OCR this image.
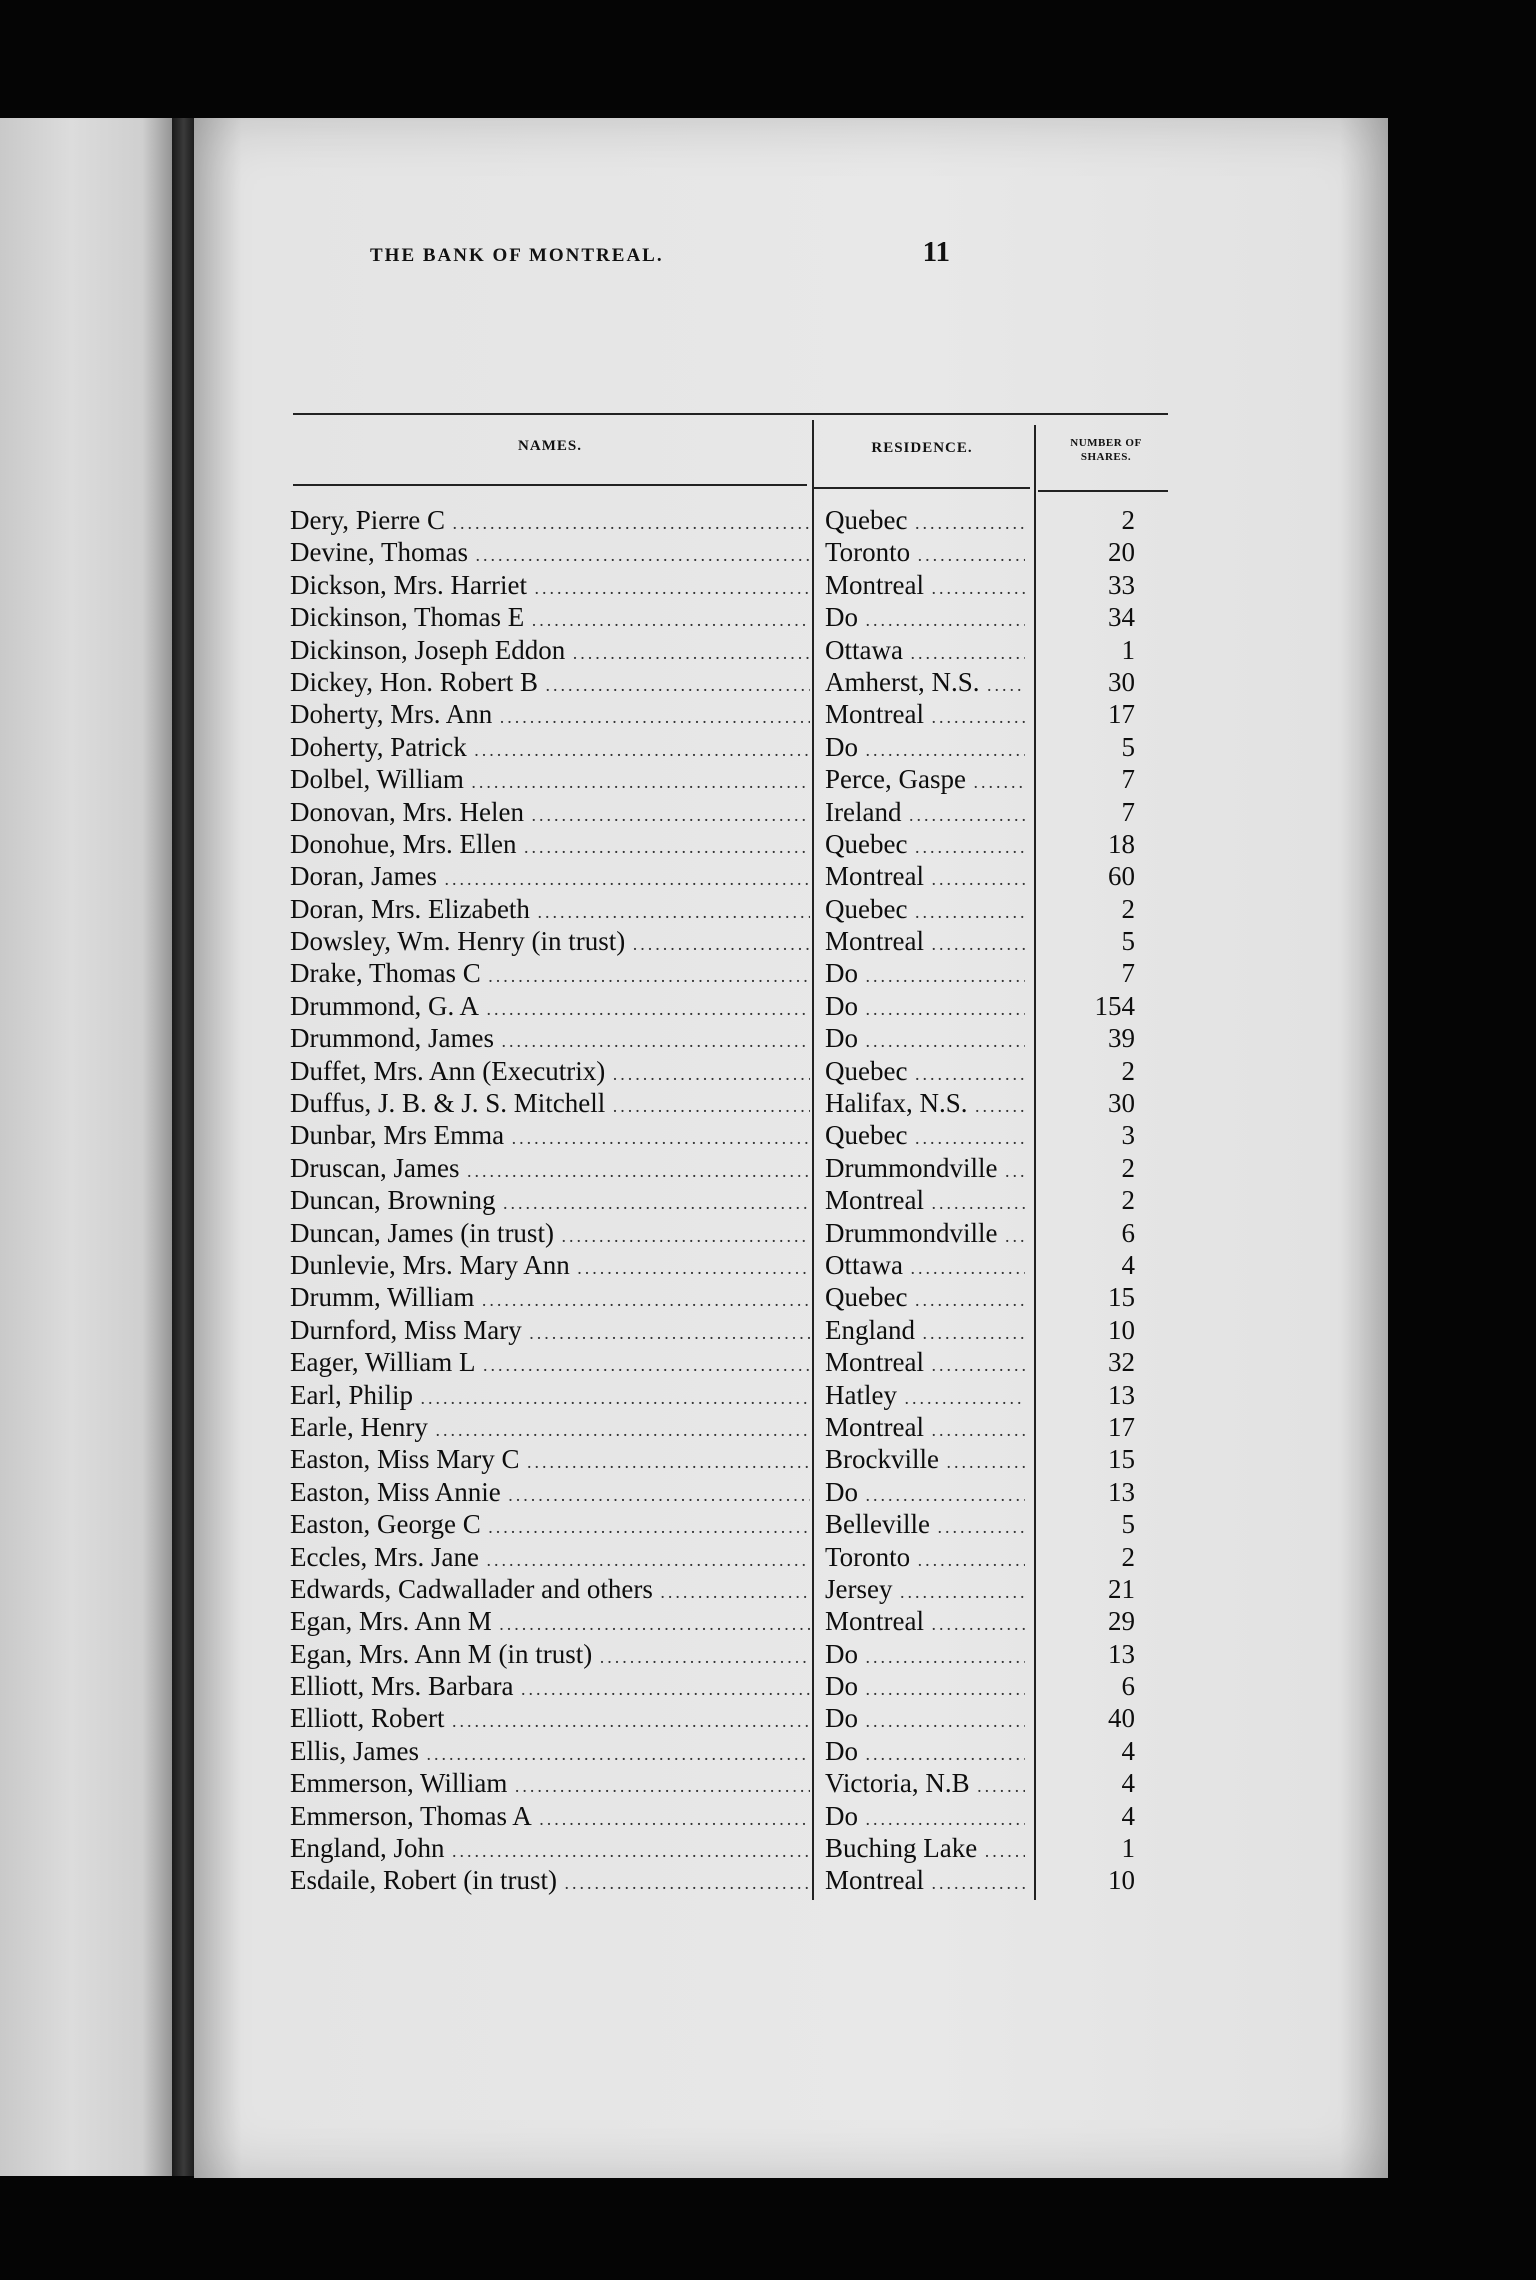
THE BANK OF MONTREAL.	11
NAMES.	RESIDENCE.	NUMBER OF SHARES.
Dery, Pierre C .....	Quebec .....	2
Devine, Thomas .....	Toronto .....	20
Dickson, Mrs. Harriet .....	Montreal .....	33
Dickinson, Thomas E .....	Do .....	34
Dickinson, Joseph Eddon .....	Ottawa .....	1
Dickey, Hon. Robert B .....	Amherst, N.S. .....	30
Doherty, Mrs. Ann .....	Montreal .....	17
Doherty, Patrick .....	Do .....	5
Dolbel, William .....	Perce, Gaspe .....	7
Donovan, Mrs. Helen .....	Ireland .....	7
Donohue, Mrs. Ellen .....	Quebec .....	18
Doran, James .....	Montreal .....	60
Doran, Mrs. Elizabeth .....	Quebec .....	2
Dowsley, Wm. Henry (in trust) .....	Montreal .....	5
Drake, Thomas C .....	Do .....	7
Drummond, G. A .....	Do .....	154
Drummond, James .....	Do .....	39
Duffet, Mrs. Ann (Executrix) .....	Quebec .....	2
Duffus, J. B. & J. S. Mitchell .....	Halifax, N.S. .....	30
Dunbar, Mrs Emma .....	Quebec .....	3
Druscan, James .....	Drummondville .....	2
Duncan, Browning .....	Montreal .....	2
Duncan, James (in trust) .....	Drummondville .....	6
Dunlevie, Mrs. Mary Ann .....	Ottawa .....	4
Drumm, William .....	Quebec .....	15
Durnford, Miss Mary .....	England .....	10
Eager, William L .....	Montreal .....	32
Earl, Philip .....	Hatley .....	13
Earle, Henry .....	Montreal .....	17
Easton, Miss Mary C .....	Brockville .....	15
Easton, Miss Annie .....	Do .....	13
Easton, George C .....	Belleville .....	5
Eccles, Mrs. Jane .....	Toronto .....	2
Edwards, Cadwallader and others .....	Jersey .....	21
Egan, Mrs. Ann M .....	Montreal .....	29
Egan, Mrs. Ann M (in trust) .....	Do .....	13
Elliott, Mrs. Barbara .....	Do .....	6
Elliott, Robert .....	Do .....	40
Ellis, James .....	Do .....	4
Emmerson, William .....	Victoria, N.B .....	4
Emmerson, Thomas A .....	Do .....	4
England, John .....	Buching Lake .....	1
Esdaile, Robert (in trust) .....	Montreal .....	10
